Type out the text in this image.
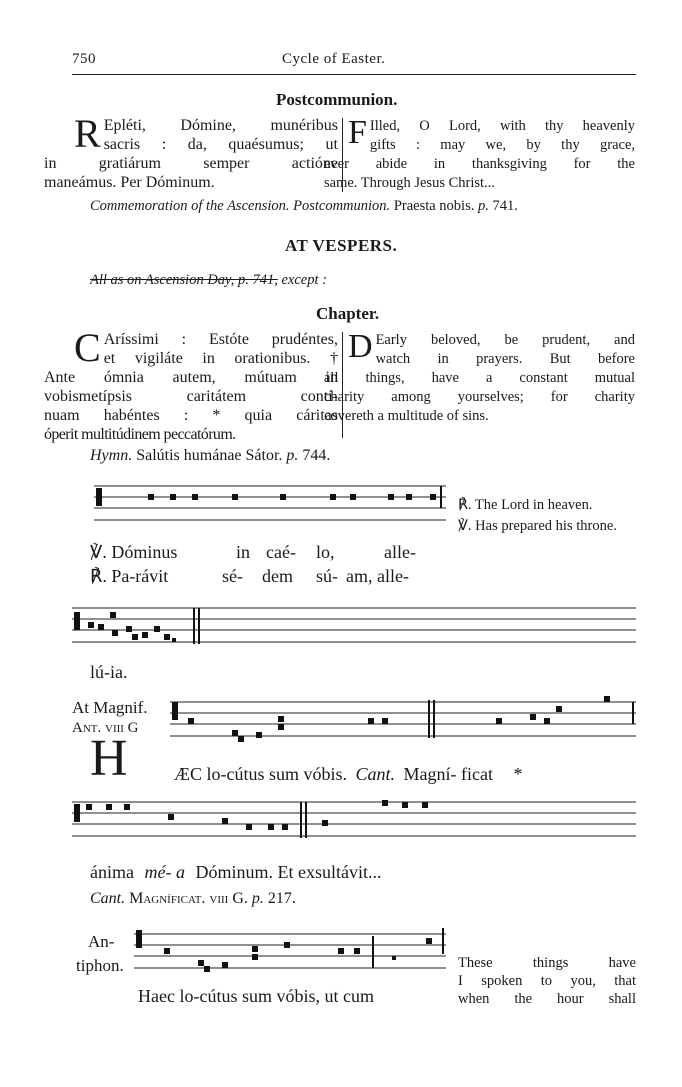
750	Cycle of Easter.
Postcommunion.
R Epléti, Dómine, munéribus
sacris : da, quaésumus; ut
in gratiárum semper actióne
maneámus. Per Dóminum.
F Illed, O Lord, with thy heavenly
gifts : may we, by thy grace,
ever abide in thanksgiving for the
same. Through Jesus Christ...
Commemoration of the Ascension. Postcommunion. Praesta nobis. p. 741.
AT VESPERS.
All as on Ascension Day, p. 741, except :
Chapter.
C Aríssimi : Estóte prudéntes,
et vigiláte in orationibus. †
Ante ómnia autem, mútuam in
vobismetípsis caritátem contí-
nuam habéntes : * quia cáritas
óperit multitúdinem peccatórum.
D Early beloved, be prudent, and
watch in prayers. But before
all things, have a constant mutual
charity among yourselves; for charity
covereth a multitude of sins.
Hymn. Salútis humánae Sátor. p. 744.
℣. Dóminus	in caé- lo,	alle-
℟. Pa-rávit	sé- dem sú- am, alle-
℟. The Lord in heaven.
℣. Has prepared his throne.
lú-ia.
At Magnif.
Ant. viii G
H	ÆC lo-cútus sum vóbis. Cant. Magní- ficat *
ánima mé- a Dóminum. Et exsultávit...
Cant. Magníficat. viii G. p. 217.
An-
tiphon.
Haec lo-cútus sum vóbis, ut cum
These things have
I spoken to you, that
when the hour shall
